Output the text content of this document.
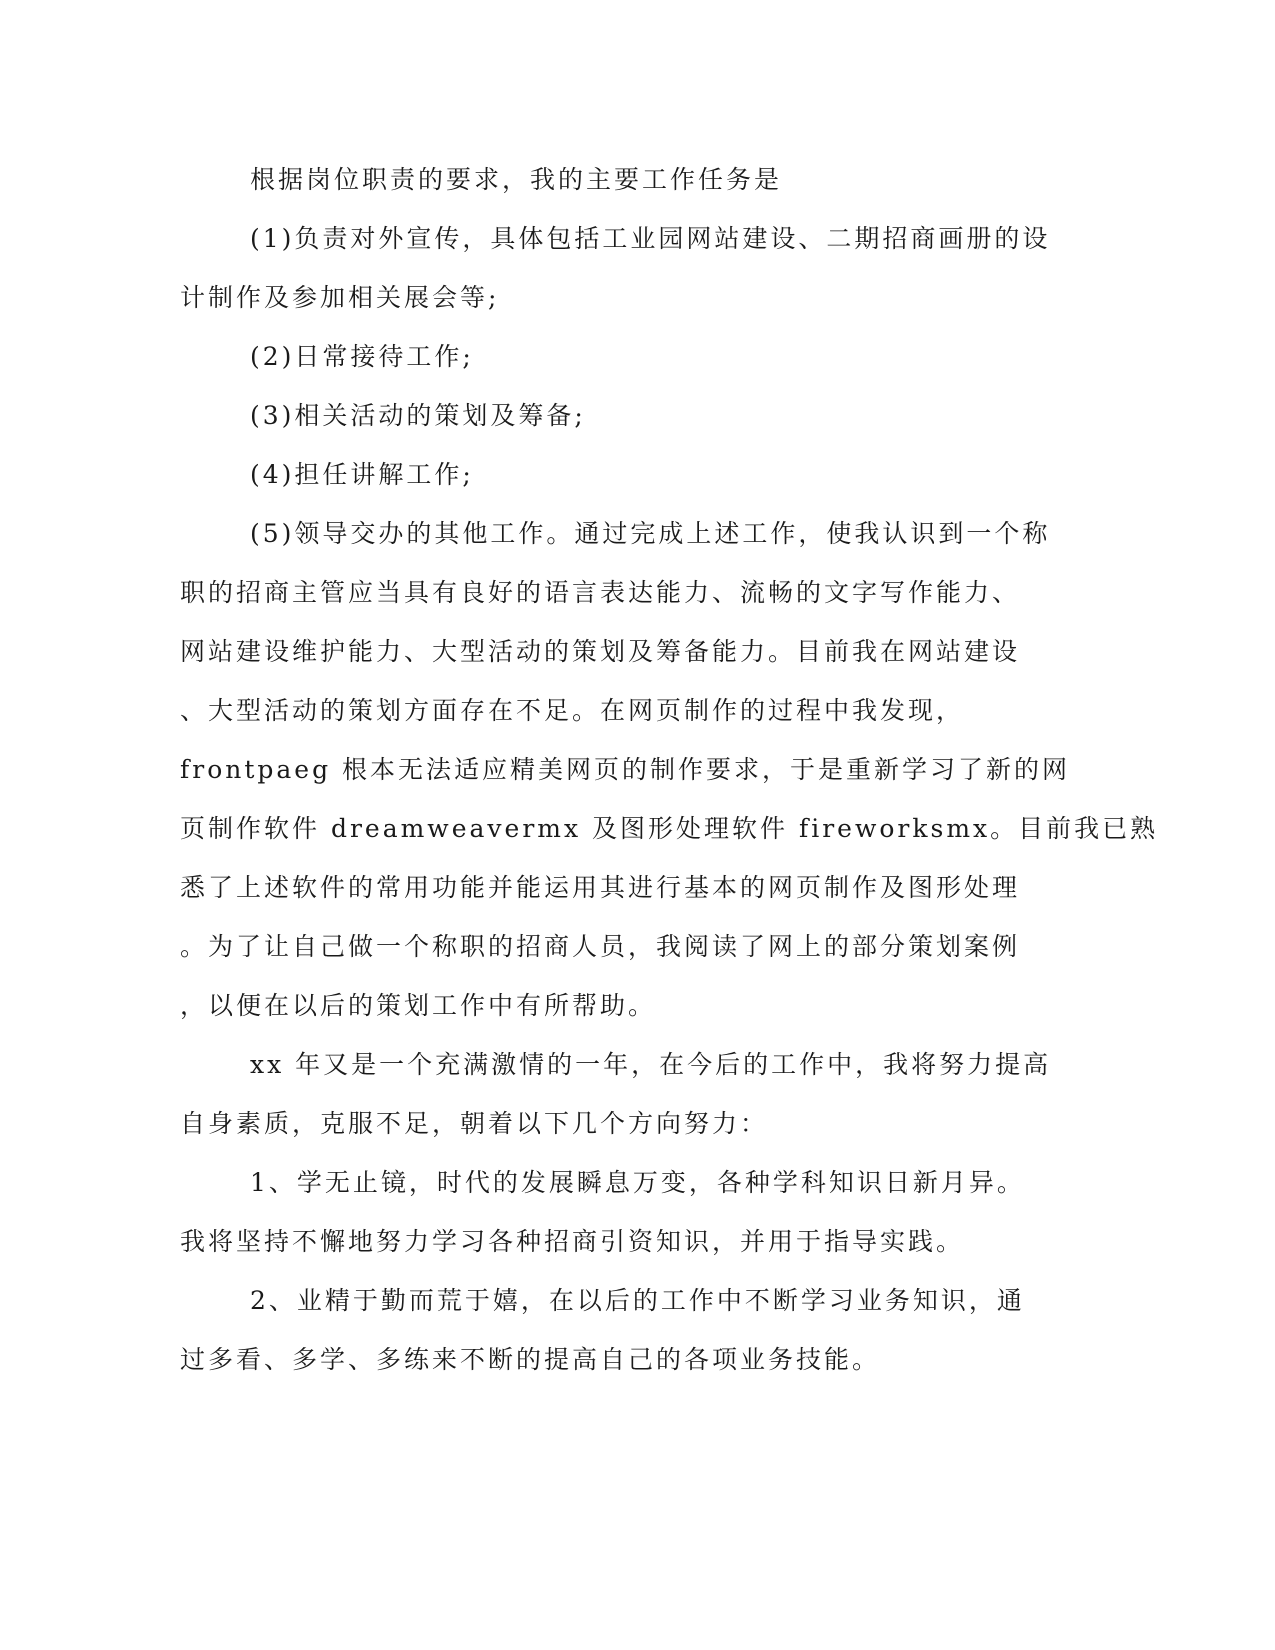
根据岗位职责的要求，我的主要工作任务是
(1)负责对外宣传，具体包括工业园网站建设、二期招商画册的设
计制作及参加相关展会等;
(2)日常接待工作;
(3)相关活动的策划及筹备;
(4)担任讲解工作;
(5)领导交办的其他工作。通过完成上述工作，使我认识到一个称
职的招商主管应当具有良好的语言表达能力、流畅的文字写作能力、
网站建设维护能力、大型活动的策划及筹备能力。目前我在网站建设
、大型活动的策划方面存在不足。在网页制作的过程中我发现，
frontpaeg 根本无法适应精美网页的制作要求，于是重新学习了新的网
页制作软件 dreamweavermx 及图形处理软件 fireworksmx。目前我已熟
悉了上述软件的常用功能并能运用其进行基本的网页制作及图形处理
。为了让自己做一个称职的招商人员，我阅读了网上的部分策划案例
，以便在以后的策划工作中有所帮助。
xx 年又是一个充满激情的一年，在今后的工作中，我将努力提高
自身素质，克服不足，朝着以下几个方向努力：
1、学无止镜，时代的发展瞬息万变，各种学科知识日新月异。
我将坚持不懈地努力学习各种招商引资知识，并用于指导实践。
2、业精于勤而荒于嬉，在以后的工作中不断学习业务知识，通
过多看、多学、多练来不断的提高自己的各项业务技能。
